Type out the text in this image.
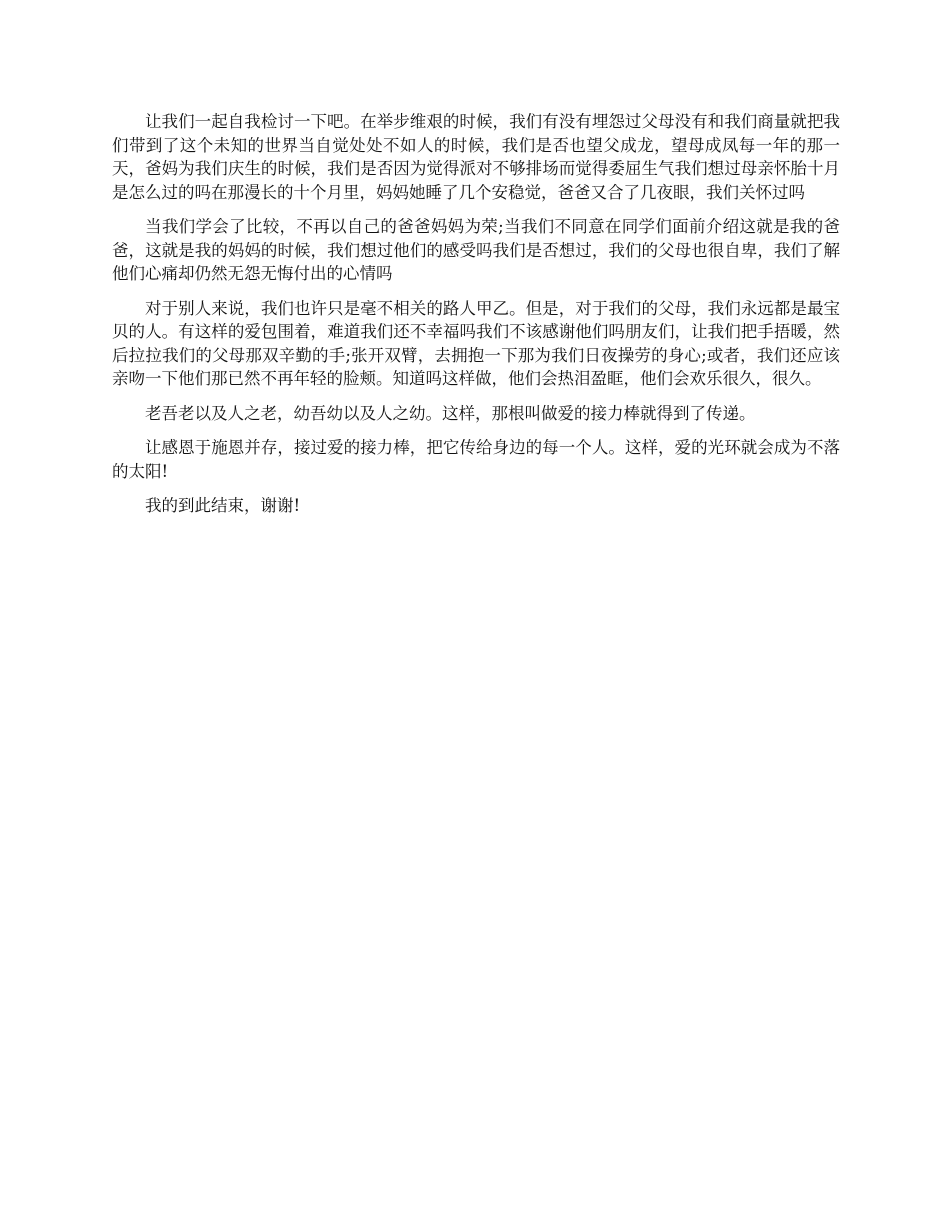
让我们一起自我检讨一下吧。在举步维艰的时候，我们有没有埋怨过父母没有和我们商量就把我们带到了这个未知的世界当自觉处处不如人的时候，我们是否也望父成龙，望母成凤每一年的那一天，爸妈为我们庆生的时候，我们是否因为觉得派对不够排场而觉得委屈生气我们想过母亲怀胎十月是怎么过的吗在那漫长的十个月里，妈妈她睡了几个安稳觉，爸爸又合了几夜眼，我们关怀过吗

当我们学会了比较，不再以自己的爸爸妈妈为荣;当我们不同意在同学们面前介绍这就是我的爸爸，这就是我的妈妈的时候，我们想过他们的感受吗我们是否想过，我们的父母也很自卑，我们了解他们心痛却仍然无怨无悔付出的心情吗

对于别人来说，我们也许只是毫不相关的路人甲乙。但是，对于我们的父母，我们永远都是最宝贝的人。有这样的爱包围着，难道我们还不幸福吗我们不该感谢他们吗朋友们，让我们把手捂暖，然后拉拉我们的父母那双辛勤的手;张开双臂，去拥抱一下那为我们日夜操劳的身心;或者，我们还应该亲吻一下他们那已然不再年轻的脸颊。知道吗这样做，他们会热泪盈眶，他们会欢乐很久，很久。

老吾老以及人之老，幼吾幼以及人之幼。这样，那根叫做爱的接力棒就得到了传递。

让感恩于施恩并存，接过爱的接力棒，把它传给身边的每一个人。这样，爱的光环就会成为不落的太阳!

我的到此结束，谢谢!
